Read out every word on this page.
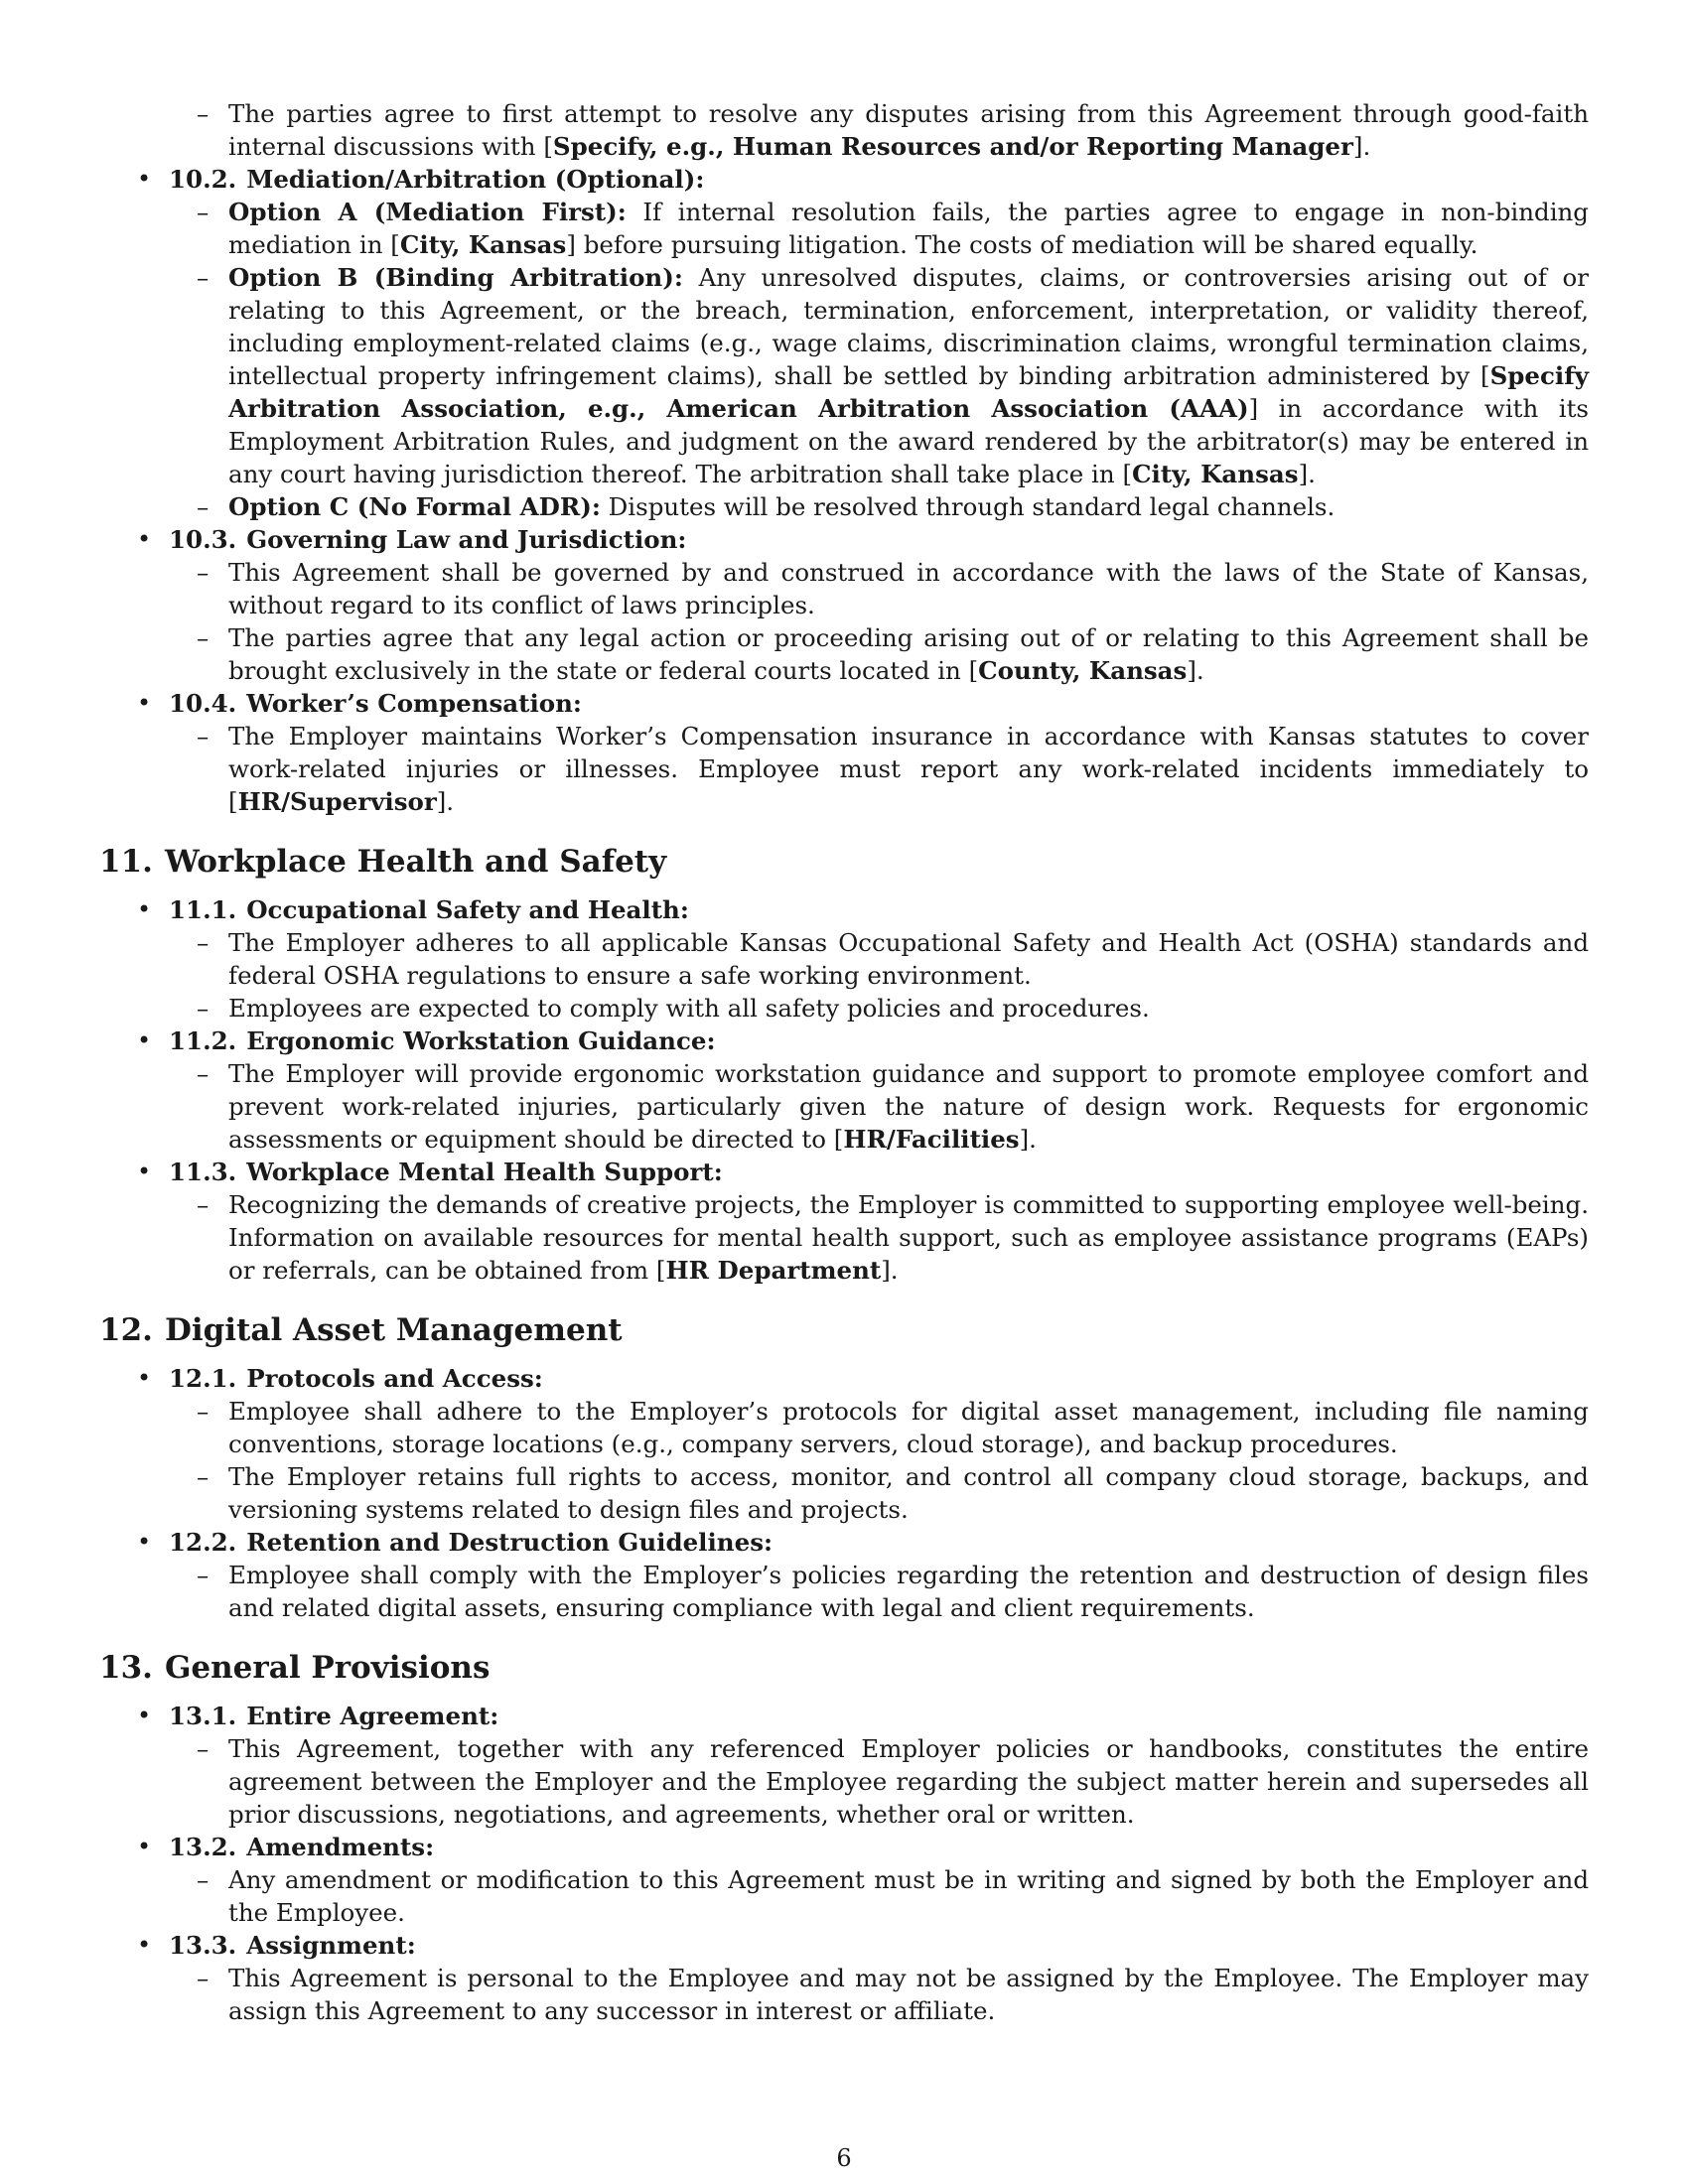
– The parties agree to first attempt to resolve any disputes arising from this Agreement through good-faith internal discussions with [Specify, e.g., Human Resources and/or Reporting Manager].
• 10.2. Mediation/Arbitration (Optional):
– Option A (Mediation First): If internal resolution fails, the parties agree to engage in non-binding mediation in [City, Kansas] before pursuing litigation. The costs of mediation will be shared equally.
– Option B (Binding Arbitration): Any unresolved disputes, claims, or controversies arising out of or relating to this Agreement, or the breach, termination, enforcement, interpretation, or validity thereof, including employment-related claims (e.g., wage claims, discrimination claims, wrongful termination claims, intellectual property infringement claims), shall be settled by binding arbitration administered by [Specify Arbitration Association, e.g., American Arbitration Association (AAA)] in accordance with its Employment Arbitration Rules, and judgment on the award rendered by the arbitrator(s) may be entered in any court having jurisdiction thereof. The arbitration shall take place in [City, Kansas].
– Option C (No Formal ADR): Disputes will be resolved through standard legal channels.
• 10.3. Governing Law and Jurisdiction:
– This Agreement shall be governed by and construed in accordance with the laws of the State of Kansas, without regard to its conflict of laws principles.
– The parties agree that any legal action or proceeding arising out of or relating to this Agreement shall be brought exclusively in the state or federal courts located in [County, Kansas].
• 10.4. Worker’s Compensation:
– The Employer maintains Worker’s Compensation insurance in accordance with Kansas statutes to cover work-related injuries or illnesses. Employee must report any work-related incidents immediately to [HR/Supervisor].
11. Workplace Health and Safety
• 11.1. Occupational Safety and Health:
– The Employer adheres to all applicable Kansas Occupational Safety and Health Act (OSHA) standards and federal OSHA regulations to ensure a safe working environment.
– Employees are expected to comply with all safety policies and procedures.
• 11.2. Ergonomic Workstation Guidance:
– The Employer will provide ergonomic workstation guidance and support to promote employee comfort and prevent work-related injuries, particularly given the nature of design work. Requests for ergonomic assessments or equipment should be directed to [HR/Facilities].
• 11.3. Workplace Mental Health Support:
– Recognizing the demands of creative projects, the Employer is committed to supporting employee well-being. Information on available resources for mental health support, such as employee assistance programs (EAPs) or referrals, can be obtained from [HR Department].
12. Digital Asset Management
• 12.1. Protocols and Access:
– Employee shall adhere to the Employer’s protocols for digital asset management, including file naming conventions, storage locations (e.g., company servers, cloud storage), and backup procedures.
– The Employer retains full rights to access, monitor, and control all company cloud storage, backups, and versioning systems related to design files and projects.
• 12.2. Retention and Destruction Guidelines:
– Employee shall comply with the Employer’s policies regarding the retention and destruction of design files and related digital assets, ensuring compliance with legal and client requirements.
13. General Provisions
• 13.1. Entire Agreement:
– This Agreement, together with any referenced Employer policies or handbooks, constitutes the entire agreement between the Employer and the Employee regarding the subject matter herein and supersedes all prior discussions, negotiations, and agreements, whether oral or written.
• 13.2. Amendments:
– Any amendment or modification to this Agreement must be in writing and signed by both the Employer and the Employee.
• 13.3. Assignment:
– This Agreement is personal to the Employee and may not be assigned by the Employee. The Employer may assign this Agreement to any successor in interest or affiliate.
6
